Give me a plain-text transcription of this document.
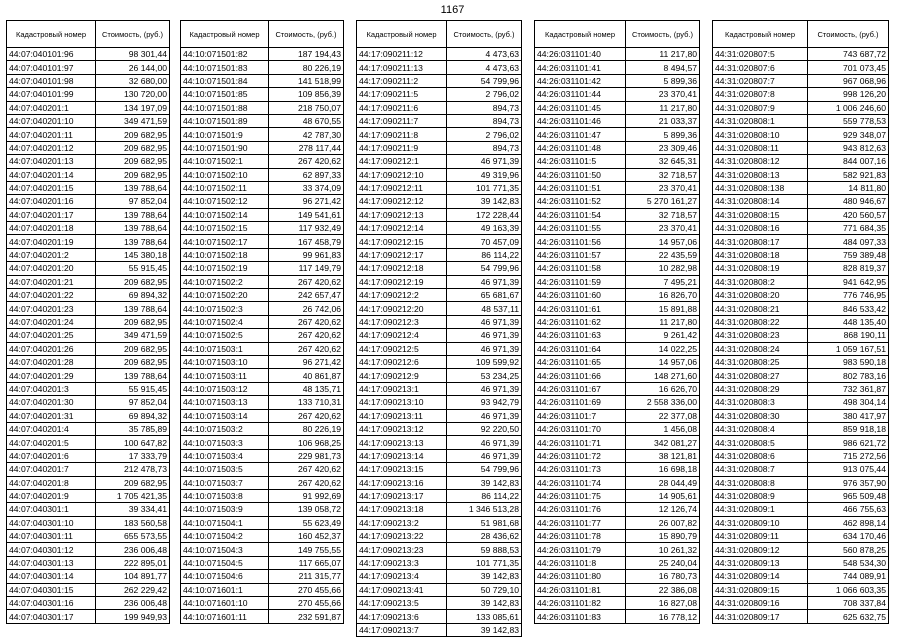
1167
Кадастровый номер	Стоимость, (руб.)
44:07:040101:96	98 301,44
44:07:040101:97	26 144,00
44:07:040101:98	32 680,00
44:07:040101:99	130 720,00
44:07:040201:1	134 197,09
44:07:040201:10	349 471,59
44:07:040201:11	209 682,95
44:07:040201:12	209 682,95
44:07:040201:13	209 682,95
44:07:040201:14	209 682,95
44:07:040201:15	139 788,64
44:07:040201:16	97 852,04
44:07:040201:17	139 788,64
44:07:040201:18	139 788,64
44:07:040201:19	139 788,64
44:07:040201:2	145 380,18
44:07:040201:20	55 915,45
44:07:040201:21	209 682,95
44:07:040201:22	69 894,32
44:07:040201:23	139 788,64
44:07:040201:24	209 682,95
44:07:040201:25	349 471,59
44:07:040201:26	209 682,95
44:07:040201:28	209 682,95
44:07:040201:29	139 788,64
44:07:040201:3	55 915,45
44:07:040201:30	97 852,04
44:07:040201:31	69 894,32
44:07:040201:4	35 785,89
44:07:040201:5	100 647,82
44:07:040201:6	17 333,79
44:07:040201:7	212 478,73
44:07:040201:8	209 682,95
44:07:040201:9	1 705 421,35
44:07:040301:1	39 334,41
44:07:040301:10	183 560,58
44:07:040301:11	655 573,55
44:07:040301:12	236 006,48
44:07:040301:13	222 895,01
44:07:040301:14	104 891,77
44:07:040301:15	262 229,42
44:07:040301:16	236 006,48
44:07:040301:17	199 949,93
Кадастровый номер	Стоимость, (руб.)
44:10:071501:82	187 194,43
44:10:071501:83	80 226,19
44:10:071501:84	141 518,99
44:10:071501:85	109 856,39
44:10:071501:88	218 750,07
44:10:071501:89	48 670,55
44:10:071501:9	42 787,30
44:10:071501:90	278 117,44
44:10:071502:1	267 420,62
44:10:071502:10	62 897,33
44:10:071502:11	33 374,09
44:10:071502:12	96 271,42
44:10:071502:14	149 541,61
44:10:071502:15	117 932,49
44:10:071502:17	167 458,79
44:10:071502:18	99 961,83
44:10:071502:19	117 149,79
44:10:071502:2	267 420,62
44:10:071502:20	242 657,47
44:10:071502:3	26 742,06
44:10:071502:4	267 420,62
44:10:071502:5	267 420,62
44:10:071503:1	267 420,62
44:10:071503:10	96 271,42
44:10:071503:11	40 861,87
44:10:071503:12	48 135,71
44:10:071503:13	133 710,31
44:10:071503:14	267 420,62
44:10:071503:2	80 226,19
44:10:071503:3	106 968,25
44:10:071503:4	229 981,73
44:10:071503:5	267 420,62
44:10:071503:7	267 420,62
44:10:071503:8	91 992,69
44:10:071503:9	139 058,72
44:10:071504:1	55 623,49
44:10:071504:2	160 452,37
44:10:071504:3	149 755,55
44:10:071504:5	117 665,07
44:10:071504:6	211 315,77
44:10:071601:1	270 455,66
44:10:071601:10	270 455,66
44:10:071601:11	232 591,87
Кадастровый номер	Стоимость, (руб.)
44:17:090211:12	4 473,63
44:17:090211:13	4 473,63
44:17:090211:2	54 799,96
44:17:090211:5	2 796,02
44:17:090211:6	894,73
44:17:090211:7	894,73
44:17:090211:8	2 796,02
44:17:090211:9	894,73
44:17:090212:1	46 971,39
44:17:090212:10	49 319,96
44:17:090212:11	101 771,35
44:17:090212:12	39 142,83
44:17:090212:13	172 228,44
44:17:090212:14	49 163,39
44:17:090212:15	70 457,09
44:17:090212:17	86 114,22
44:17:090212:18	54 799,96
44:17:090212:19	46 971,39
44:17:090212:2	65 681,67
44:17:090212:20	48 537,11
44:17:090212:3	46 971,39
44:17:090212:4	46 971,39
44:17:090212:5	46 971,39
44:17:090212:6	109 599,92
44:17:090212:9	53 234,25
44:17:090213:1	46 971,39
44:17:090213:10	93 942,79
44:17:090213:11	46 971,39
44:17:090213:12	92 220,50
44:17:090213:13	46 971,39
44:17:090213:14	46 971,39
44:17:090213:15	54 799,96
44:17:090213:16	39 142,83
44:17:090213:17	86 114,22
44:17:090213:18	1 346 513,28
44:17:090213:2	51 981,68
44:17:090213:22	28 436,62
44:17:090213:23	59 888,53
44:17:090213:3	101 771,35
44:17:090213:4	39 142,83
44:17:090213:41	50 729,10
44:17:090213:5	39 142,83
44:17:090213:6	133 085,61
44:17:090213:7	39 142,83
Кадастровый номер	Стоимость, (руб.)
44:26:031101:40	11 217,80
44:26:031101:41	8 494,57
44:26:031101:42	5 899,36
44:26:031101:44	23 370,41
44:26:031101:45	11 217,80
44:26:031101:46	21 033,37
44:26:031101:47	5 899,36
44:26:031101:48	23 309,46
44:26:031101:5	32 645,31
44:26:031101:50	32 718,57
44:26:031101:51	23 370,41
44:26:031101:52	5 270 161,27
44:26:031101:54	32 718,57
44:26:031101:55	23 370,41
44:26:031101:56	14 957,06
44:26:031101:57	22 435,59
44:26:031101:58	10 282,98
44:26:031101:59	7 495,21
44:26:031101:60	16 826,70
44:26:031101:61	15 891,88
44:26:031101:62	11 217,80
44:26:031101:63	9 261,42
44:26:031101:64	14 022,25
44:26:031101:65	14 957,06
44:26:031101:66	148 271,60
44:26:031101:67	16 626,70
44:26:031101:69	2 558 336,00
44:26:031101:7	22 377,08
44:26:031101:70	1 456,08
44:26:031101:71	342 081,27
44:26:031101:72	38 121,81
44:26:031101:73	16 698,18
44:26:031101:74	28 044,49
44:26:031101:75	14 905,61
44:26:031101:76	12 126,74
44:26:031101:77	26 007,82
44:26:031101:78	15 890,79
44:26:031101:79	10 261,32
44:26:031101:8	25 240,04
44:26:031101:80	16 780,73
44:26:031101:81	22 386,08
44:26:031101:82	16 827,08
44:26:031101:83	16 778,12
Кадастровый номер	Стоимость, (руб.)
44:31:020807:5	743 687,72
44:31:020807:6	701 073,45
44:31:020807:7	967 068,96
44:31:020807:8	998 126,20
44:31:020807:9	1 006 246,60
44:31:020808:1	559 778,53
44:31:020808:10	929 348,07
44:31:020808:11	943 812,63
44:31:020808:12	844 007,16
44:31:020808:13	582 921,83
44:31:020808:138	14 811,80
44:31:020808:14	480 946,67
44:31:020808:15	420 560,57
44:31:020808:16	771 684,35
44:31:020808:17	484 097,33
44:31:020808:18	759 389,48
44:31:020808:19	828 819,37
44:31:020808:2	941 642,95
44:31:020808:20	776 746,95
44:31:020808:21	846 533,42
44:31:020808:22	448 135,40
44:31:020808:23	868 190,11
44:31:020808:24	1 059 167,51
44:31:020808:25	983 590,18
44:31:020808:27	802 783,16
44:31:020808:29	732 361,87
44:31:020808:3	498 304,14
44:31:020808:30	380 417,97
44:31:020808:4	859 918,18
44:31:020808:5	986 621,72
44:31:020808:6	715 272,56
44:31:020808:7	913 075,44
44:31:020808:8	976 357,90
44:31:020808:9	965 509,48
44:31:020809:1	466 755,63
44:31:020809:10	462 898,14
44:31:020809:11	634 170,46
44:31:020809:12	560 878,25
44:31:020809:13	548 534,30
44:31:020809:14	744 089,91
44:31:020809:15	1 066 603,35
44:31:020809:16	708 337,84
44:31:020809:17	625 632,75
